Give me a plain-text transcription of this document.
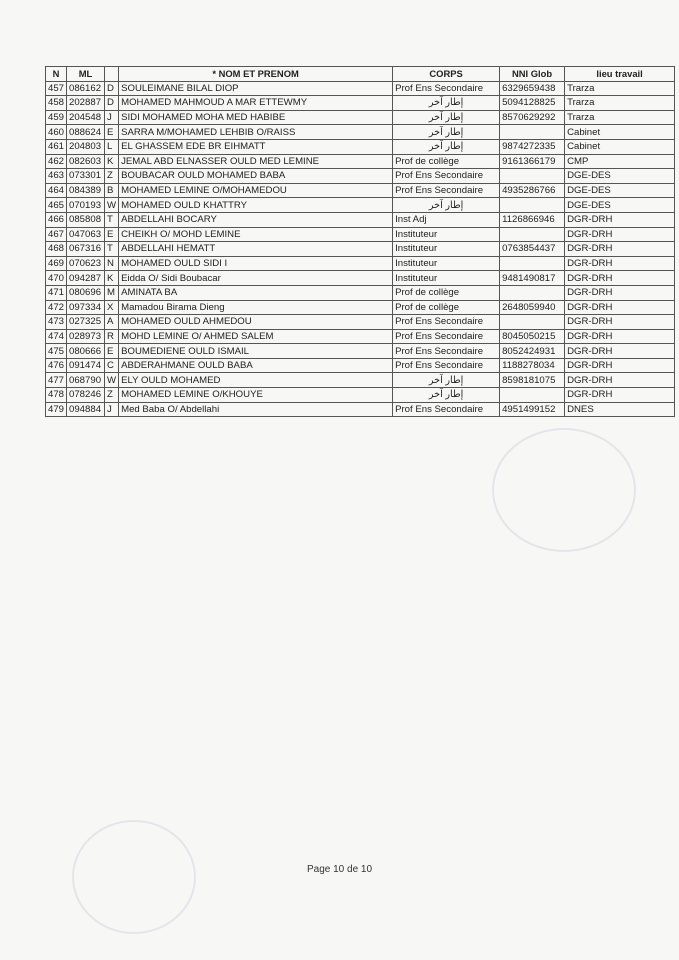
N	ML		* NOM ET PRENOM	CORPS	NNI Glob	lieu travail
457	086162	D	SOULEIMANE BILAL DIOP	Prof Ens Secondaire	6329659438	Trarza
458	202887	D	MOHAMED MAHMOUD A MAR ETTEWMY	إطار آخر	5094128825	Trarza
459	204548	J	SIDI MOHAMED MOHA MED HABIBE	إطار آخر	8570629292	Trarza
460	088624	E	SARRA M/MOHAMED LEHBIB O/RAISS	إطار آخر		Cabinet
461	204803	L	EL GHASSEM EDE BR EIHMATT	إطار آخر	9874272335	Cabinet
462	082603	K	JEMAL ABD ELNASSER OULD MED LEMINE	Prof de collège	9161366179	CMP
463	073301	Z	BOUBACAR OULD MOHAMED BABA	Prof Ens Secondaire		DGE-DES
464	084389	B	MOHAMED LEMINE O/MOHAMEDOU	Prof Ens Secondaire	4935286766	DGE-DES
465	070193	W	MOHAMED OULD KHATTRY	إطار آخر		DGE-DES
466	085808	T	ABDELLAHI BOCARY	Inst Adj	1126866946	DGR-DRH
467	047063	E	CHEIKH O/ MOHD LEMINE	Instituteur		DGR-DRH
468	067316	T	ABDELLAHI HEMATT	Instituteur	0763854437	DGR-DRH
469	070623	N	MOHAMED OULD SIDI I	Instituteur		DGR-DRH
470	094287	K	Eidda O/ Sidi Boubacar	Instituteur	9481490817	DGR-DRH
471	080696	M	AMINATA BA	Prof de collège		DGR-DRH
472	097334	X	Mamadou Birama Dieng	Prof de collège	2648059940	DGR-DRH
473	027325	A	MOHAMED OULD AHMEDOU	Prof Ens Secondaire		DGR-DRH
474	028973	R	MOHD LEMINE O/ AHMED SALEM	Prof Ens Secondaire	8045050215	DGR-DRH
475	080666	E	BOUMEDIENE OULD ISMAIL	Prof Ens Secondaire	8052424931	DGR-DRH
476	091474	C	ABDERAHMANE OULD BABA	Prof Ens Secondaire	1188278034	DGR-DRH
477	068790	W	ELY OULD MOHAMED	إطار آخر	8598181075	DGR-DRH
478	078246	Z	MOHAMED LEMINE O/KHOUYE	إطار آخر		DGR-DRH
479	094884	J	Med Baba O/ Abdellahi	Prof Ens Secondaire	4951499152	DNES
Page 10 de 10
